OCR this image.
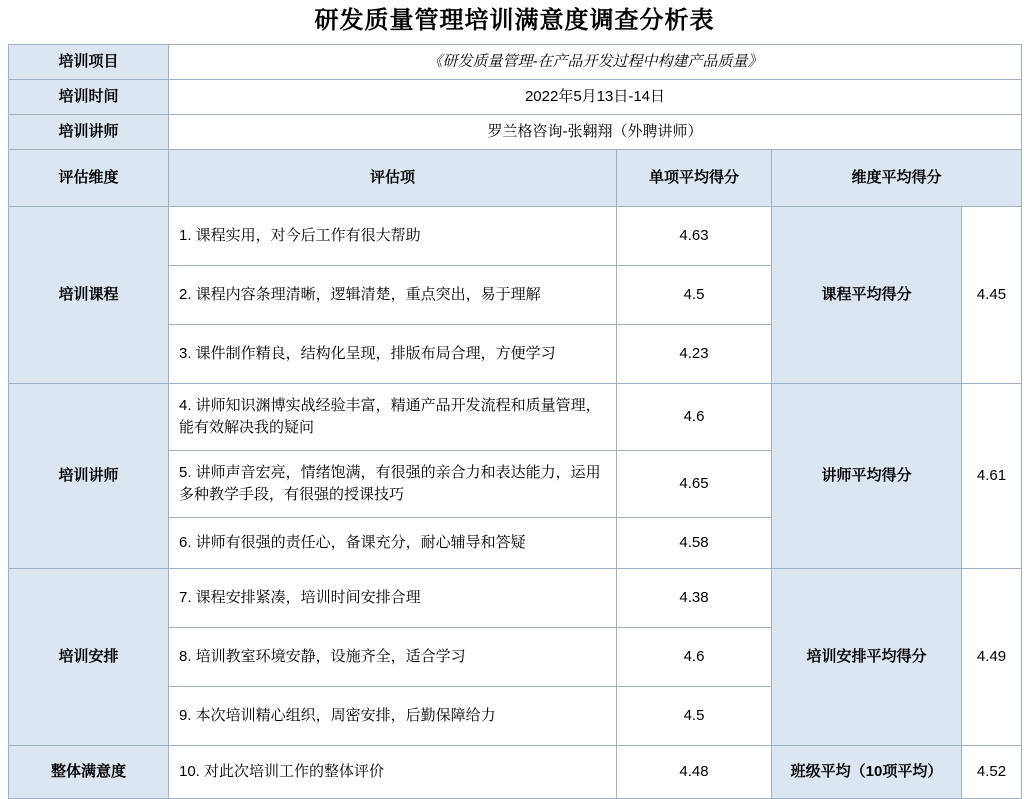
研发质量管理培训满意度调查分析表
培训项目	《研发质量管理-在产品开发过程中构建产品质量》			
培训时间	2022年5月13日-14日			
培训讲师	罗兰格咨询-张翱翔（外聘讲师）			
评估维度	评估项	单项平均得分	维度平均得分	
培训课程	1. 课程实用，对今后工作有很大帮助	4.63	课程平均得分	4.45
	2. 课程内容条理清晰，逻辑清楚，重点突出，易于理解	4.5		
	3. 课件制作精良，结构化呈现，排版布局合理，方便学习	4.23		
培训讲师	4. 讲师知识渊博实战经验丰富，精通产品开发流程和质量管理，能有效解决我的疑问	4.6	讲师平均得分	4.61
	5. 讲师声音宏亮，情绪饱满，有很强的亲合力和表达能力，运用多种教学手段，有很强的授课技巧	4.65		
	6. 讲师有很强的责任心，备课充分，耐心辅导和答疑	4.58		
培训安排	7. 课程安排紧凑，培训时间安排合理	4.38	培训安排平均得分	4.49
	8. 培训教室环境安静，设施齐全，适合学习	4.6		
	9. 本次培训精心组织，周密安排，后勤保障给力	4.5		
整体满意度	10. 对此次培训工作的整体评价	4.48	班级平均（10项平均）	4.52
